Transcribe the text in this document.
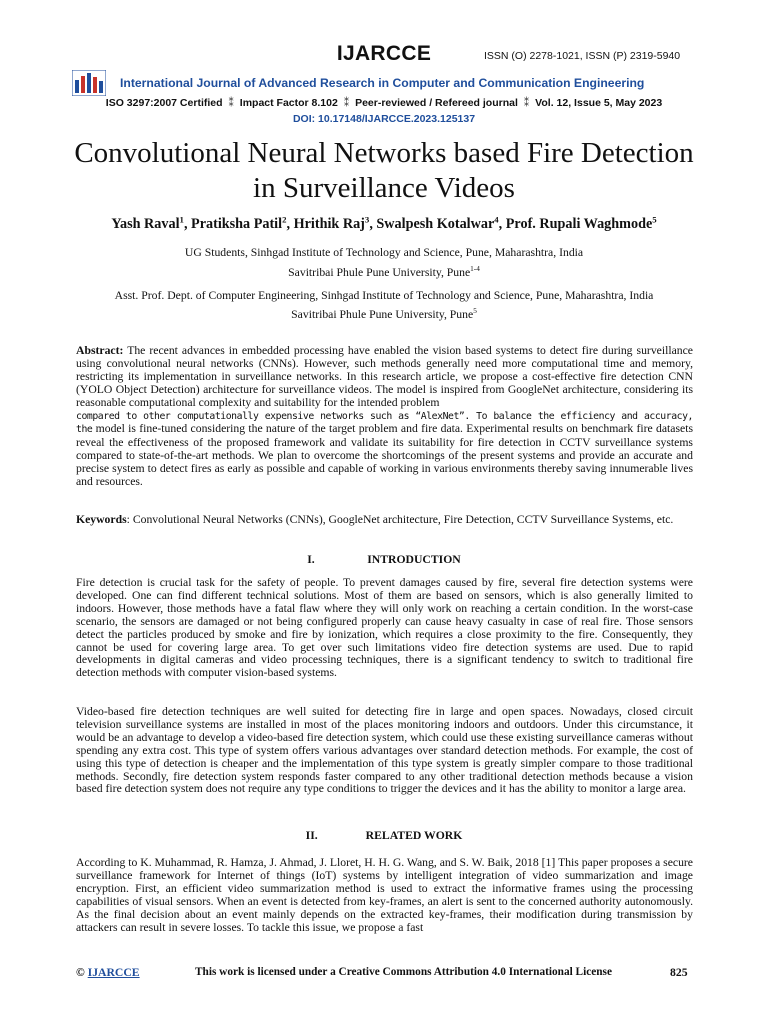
IJARCCE	ISSN (O) 2278-1021, ISSN (P) 2319-5940
International Journal of Advanced Research in Computer and Communication Engineering
ISO 3297:2007 Certified ⁑ Impact Factor 8.102 ⁑ Peer-reviewed / Refereed journal ⁑ Vol. 12, Issue 5, May 2023
DOI: 10.17148/IJARCCE.2023.125137
Convolutional Neural Networks based Fire Detection in Surveillance Videos
Yash Raval$^1$, Pratiksha Patil$^2$, Hrithik Raj$^3$, Swalpesh Kotalwar$^4$, Prof. Rupali Waghmode$^5$
UG Students, Sinhgad Institute of Technology and Science, Pune, Maharashtra, India
Savitribai Phule Pune University, Pune$^{1-4}$
Asst. Prof. Dept. of Computer Engineering, Sinhgad Institute of Technology and Science, Pune, Maharashtra, India
Savitribai Phule Pune University, Pune$^5$
Abstract: The recent advances in embedded processing have enabled the vision based systems to detect fire during surveillance using convolutional neural networks (CNNs). However, such methods generally need more computational time and memory, restricting its implementation in surveillance networks. In this research article, we propose a cost-effective fire detection CNN (YOLO Object Detection) architecture for surveillance videos. The model is inspired from GoogleNet architecture, considering its reasonable computational complexity and suitability for the intended problem
compared to other computationally expensive networks such as “AlexNet”. To balance the efficiency and accuracy, the model is fine-tuned considering the nature of the target problem and fire data. Experimental results on benchmark fire datasets reveal the effectiveness of the proposed framework and validate its suitability for fire detection in CCTV surveillance systems compared to state-of-the-art methods. We plan to overcome the shortcomings of the present systems and provide an accurate and precise system to detect fires as early as possible and capable of working in various environments thereby saving innumerable lives and resources.
Keywords: Convolutional Neural Networks (CNNs), GoogleNet architecture, Fire Detection, CCTV Surveillance Systems, etc.
I.	INTRODUCTION

Fire detection is crucial task for the safety of people. To prevent damages caused by fire, several fire detection systems were developed. One can find different technical solutions. Most of them are based on sensors, which is also generally limited to indoors. However, those methods have a fatal flaw where they will only work on reaching a certain condition. In the worst-case scenario, the sensors are damaged or not being configured properly can cause heavy casualty in case of real fire. Those sensors detect the particles produced by smoke and fire by ionization, which requires a close proximity to the fire. Consequently, they cannot be used for covering large area. To get over such limitations video fire detection systems are used. Due to rapid developments in digital cameras and video processing techniques, there is a significant tendency to switch to traditional fire detection methods with computer vision-based systems.

Video-based fire detection techniques are well suited for detecting fire in large and open spaces. Nowadays, closed circuit television surveillance systems are installed in most of the places monitoring indoors and outdoors. Under this circumstance, it would be an advantage to develop a video-based fire detection system, which could use these existing surveillance cameras without spending any extra cost. This type of system offers various advantages over standard detection methods. For example, the cost of using this type of detection is cheaper and the implementation of this type system is greatly simpler compare to those traditional methods. Secondly, fire detection system responds faster compared to any other traditional detection methods because a vision based fire detection system does not require any type conditions to trigger the devices and it has the ability to monitor a large area.

II.	RELATED WORK

According to K. Muhammad, R. Hamza, J. Ahmad, J. Lloret, H. H. G. Wang, and S. W. Baik, 2018 [1] This paper proposes a secure surveillance framework for Internet of things (IoT) systems by intelligent integration of video summarization and image encryption. First, an efficient video summarization method is used to extract the informative frames using the processing capabilities of visual sensors. When an event is detected from key-frames, an alert is sent to the concerned authority autonomously. As the final decision about an event mainly depends on the extracted key-frames, their modification during transmission by attackers can result in severe losses. To tackle this issue, we propose a fast

© IJARCCE	This work is licensed under a Creative Commons Attribution 4.0 International License	825
